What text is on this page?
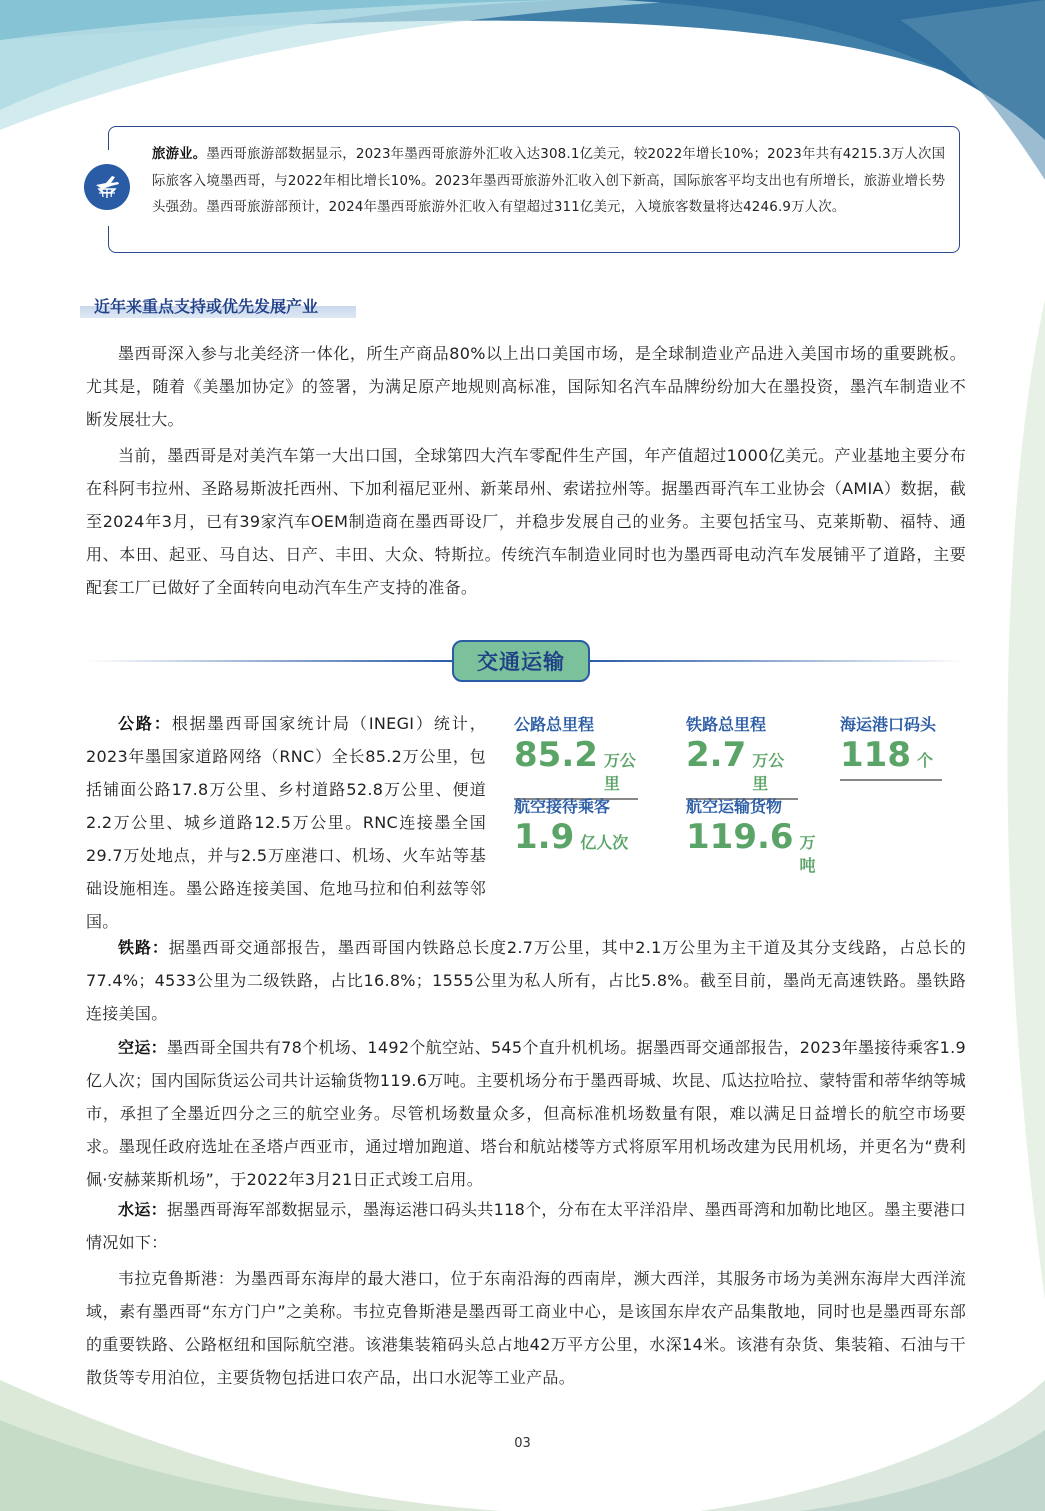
旅游业。墨西哥旅游部数据显示，2023年墨西哥旅游外汇收入达308.1亿美元，较2022年增长10%；2023年共有4215.3万人次国际旅客入境墨西哥，与2022年相比增长10%。2023年墨西哥旅游外汇收入创下新高，国际旅客平均支出也有所增长，旅游业增长势头强劲。墨西哥旅游部预计，2024年墨西哥旅游外汇收入有望超过311亿美元，入境旅客数量将达4246.9万人次。
近年来重点支持或优先发展产业
墨西哥深入参与北美经济一体化，所生产商品80%以上出口美国市场，是全球制造业产品进入美国市场的重要跳板。尤其是，随着《美墨加协定》的签署，为满足原产地规则高标准，国际知名汽车品牌纷纷加大在墨投资，墨汽车制造业不断发展壮大。
当前，墨西哥是对美汽车第一大出口国，全球第四大汽车零配件生产国，年产值超过1000亿美元。产业基地主要分布在科阿韦拉州、圣路易斯波托西州、下加利福尼亚州、新莱昂州、索诺拉州等。据墨西哥汽车工业协会（AMIA）数据，截至2024年3月，已有39家汽车OEM制造商在墨西哥设厂，并稳步发展自己的业务。主要包括宝马、克莱斯勒、福特、通用、本田、起亚、马自达、日产、丰田、大众、特斯拉。传统汽车制造业同时也为墨西哥电动汽车发展铺平了道路，主要配套工厂已做好了全面转向电动汽车生产支持的准备。
交通运输
公路：根据墨西哥国家统计局（INEGI）统计，2023年墨国家道路网络（RNC）全长85.2万公里，包括铺面公路17.8万公里、乡村道路52.8万公里、便道2.2万公里、城乡道路12.5万公里。RNC连接墨全国29.7万处地点，并与2.5万座港口、机场、火车站等基础设施相连。墨公路连接美国、危地马拉和伯利兹等邻国。
公路总里程
85.2 万公里
铁路总里程
2.7 万公里
海运港口码头
118 个
航空接待乘客
1.9 亿人次
航空运输货物
119.6 万吨
铁路：据墨西哥交通部报告，墨西哥国内铁路总长度2.7万公里，其中2.1万公里为主干道及其分支线路，占总长的77.4%；4533公里为二级铁路，占比16.8%；1555公里为私人所有，占比5.8%。截至目前，墨尚无高速铁路。墨铁路连接美国。
空运：墨西哥全国共有78个机场、1492个航空站、545个直升机机场。据墨西哥交通部报告，2023年墨接待乘客1.9亿人次；国内国际货运公司共计运输货物119.6万吨。主要机场分布于墨西哥城、坎昆、瓜达拉哈拉、蒙特雷和蒂华纳等城市，承担了全墨近四分之三的航空业务。尽管机场数量众多，但高标准机场数量有限，难以满足日益增长的航空市场要求。墨现任政府选址在圣塔卢西亚市，通过增加跑道、塔台和航站楼等方式将原军用机场改建为民用机场，并更名为“费利佩·安赫莱斯机场”，于2022年3月21日正式竣工启用。
水运：据墨西哥海军部数据显示，墨海运港口码头共118个，分布在太平洋沿岸、墨西哥湾和加勒比地区。墨主要港口情况如下：
韦拉克鲁斯港：为墨西哥东海岸的最大港口，位于东南沿海的西南岸，濒大西洋，其服务市场为美洲东海岸大西洋流域，素有墨西哥“东方门户”之美称。韦拉克鲁斯港是墨西哥工商业中心，是该国东岸农产品集散地，同时也是墨西哥东部的重要铁路、公路枢纽和国际航空港。该港集装箱码头总占地42万平方公里，水深14米。该港有杂货、集装箱、石油与干散货等专用泊位，主要货物包括进口农产品，出口水泥等工业产品。
03
